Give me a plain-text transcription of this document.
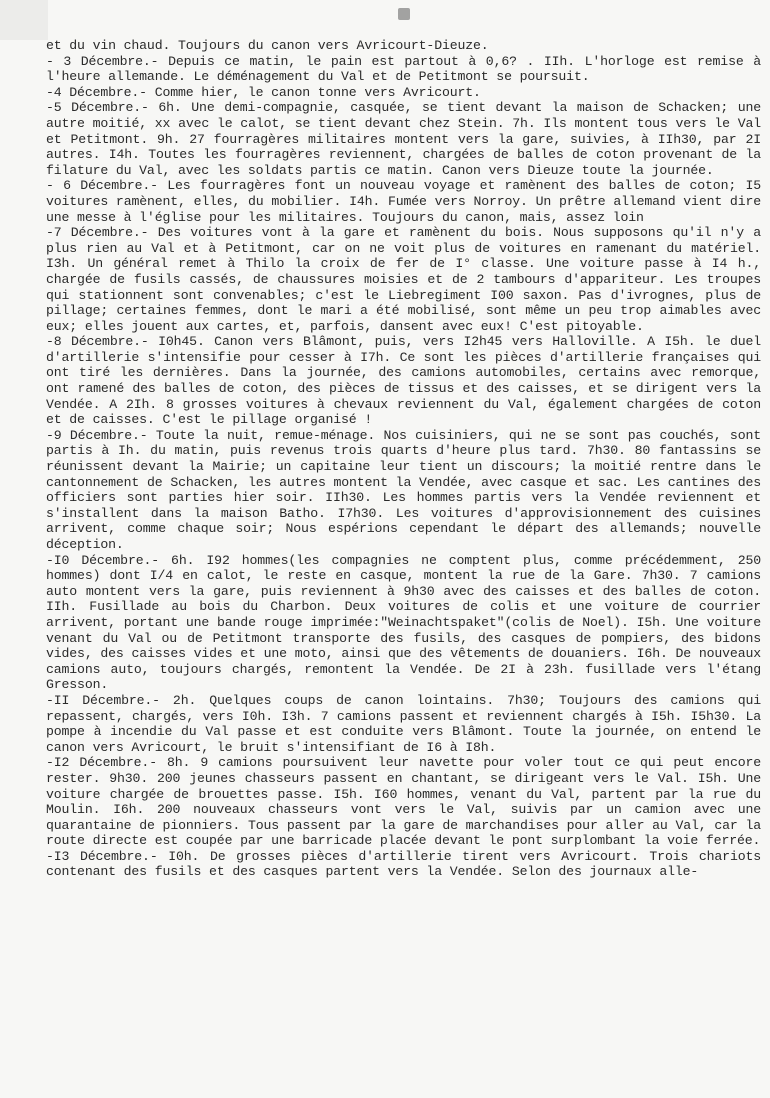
et du vin chaud. Toujours du canon vers Avricourt-Dieuze.

- 3 Décembre.- Depuis ce matin, le pain est partout à 0,6? . IIh. L'horloge est remise à l'heure allemande. Le déménagement du Val et de Petitmont se poursuit.

-4 Décembre.- Comme hier, le canon tonne vers Avricourt.

-5 Décembre.- 6h. Une demi-compagnie, casquée, se tient devant la maison de Schacken; une autre moitié, xx avec le calot, se tient devant chez Stein. 7h. Ils montent tous vers le Val et Petitmont. 9h. 27 fourragères militaires montent vers la gare, suivies, à IIh30, par 2I autres. I4h. Toutes les fourragères reviennent, chargées de balles de coton provenant de la filature du Val, avec les soldats partis ce matin. Canon vers Dieuze toute la journée.

- 6 Décembre.- Les fourragères font un nouveau voyage et ramènent des balles de coton; I5 voitures ramènent, elles, du mobilier. I4h. Fumée vers Norroy. Un prêtre allemand vient dire une messe à l'église pour les militaires. Toujours du canon, mais, assez loin

-7 Décembre.- Des voitures vont à la gare et ramènent du bois. Nous supposons qu'il n'y a plus rien au Val et à Petitmont, car on ne voit plus de voitures en ramenant du matériel. I3h. Un général remet à Thilo la croix de fer de I° classe. Une voiture passe à I4 h., chargée de fusils cassés, de chaussures moisies et de 2 tambours d'appariteur. Les troupes qui stationnent sont convenables; c'est le Liebregiment I00 saxon. Pas d'ivrognes, plus de pillage; certaines femmes, dont le mari a été mobilisé, sont même un peu trop aimables avec eux; elles jouent aux cartes, et, parfois, dansent avec eux! C'est pitoyable.

-8 Décembre.- I0h45. Canon vers Blâmont, puis, vers I2h45 vers Halloville. A I5h. le duel d'artillerie s'intensifie pour cesser à I7h. Ce sont les pièces d'artillerie françaises qui ont tiré les dernières. Dans la journée, des camions automobiles, certains avec remorque, ont ramené des balles de coton, des pièces de tissus et des caisses, et se dirigent vers la Vendée. A 2Ih. 8 grosses voitures à chevaux reviennent du Val, également chargées de coton et de caisses. C'est le pillage organisé !

-9 Décembre.- Toute la nuit, remue-ménage. Nos cuisiniers, qui ne se sont pas couchés, sont partis à Ih. du matin, puis revenus trois quarts d'heure plus tard. 7h30. 80 fantassins se réunissent devant la Mairie; un capitaine leur tient un discours; la moitié rentre dans le cantonnement de Schacken, les autres montent la Vendée, avec casque et sac. Les cantines des officiers sont parties hier soir. IIh30. Les hommes partis vers la Vendée reviennent et s'installent dans la maison Batho. I7h30. Les voitures d'approvisionnement des cuisines arrivent, comme chaque soir; Nous espérions cependant le départ des allemands; nouvelle déception.

-I0 Décembre.- 6h. I92 hommes(les compagnies ne comptent plus, comme précédemment, 250 hommes) dont I/4 en calot, le reste en casque, montent la rue de la Gare. 7h30. 7 camions auto montent vers la gare, puis reviennent à 9h30 avec des caisses et des balles de coton. IIh. Fusillade au bois du Charbon. Deux voitures de colis et une voiture de courrier arrivent, portant une bande rouge imprimée:"Weinachtspaket"(colis de Noel). I5h. Une voiture venant du Val ou de Petitmont transporte des fusils, des casques de pompiers, des bidons vides, des caisses vides et une moto, ainsi que des vêtements de douaniers. I6h. De nouveaux camions auto, toujours chargés, remontent la Vendée. De 2I à 23h. fusillade vers l'étang Gresson.

-II Décembre.- 2h. Quelques coups de canon lointains. 7h30; Toujours des camions qui repassent, chargés, vers I0h. I3h. 7 camions passent et reviennent chargés à I5h. I5h30. La pompe à incendie du Val passe et est conduite vers Blâmont. Toute la journée, on entend le canon vers Avricourt, le bruit s'intensifiant de I6 à I8h.

-I2 Décembre.- 8h. 9 camions poursuivent leur navette pour voler tout ce qui peut encore rester. 9h30. 200 jeunes chasseurs passent en chantant, se dirigeant vers le Val. I5h. Une voiture chargée de brouettes passe. I5h. I60 hommes, venant du Val, partent par la rue du Moulin. I6h. 200 nouveaux chasseurs vont vers le Val, suivis par un camion avec une quarantaine de pionniers. Tous passent par la gare de marchandises pour aller au Val, car la route directe est coupée par une barricade placée devant le pont surplombant la voie ferrée.

-I3 Décembre.- I0h. De grosses pièces d'artillerie tirent vers Avricourt. Trois chariots contenant des fusils et des casques partent vers la Vendée. Selon des journaux alle-
